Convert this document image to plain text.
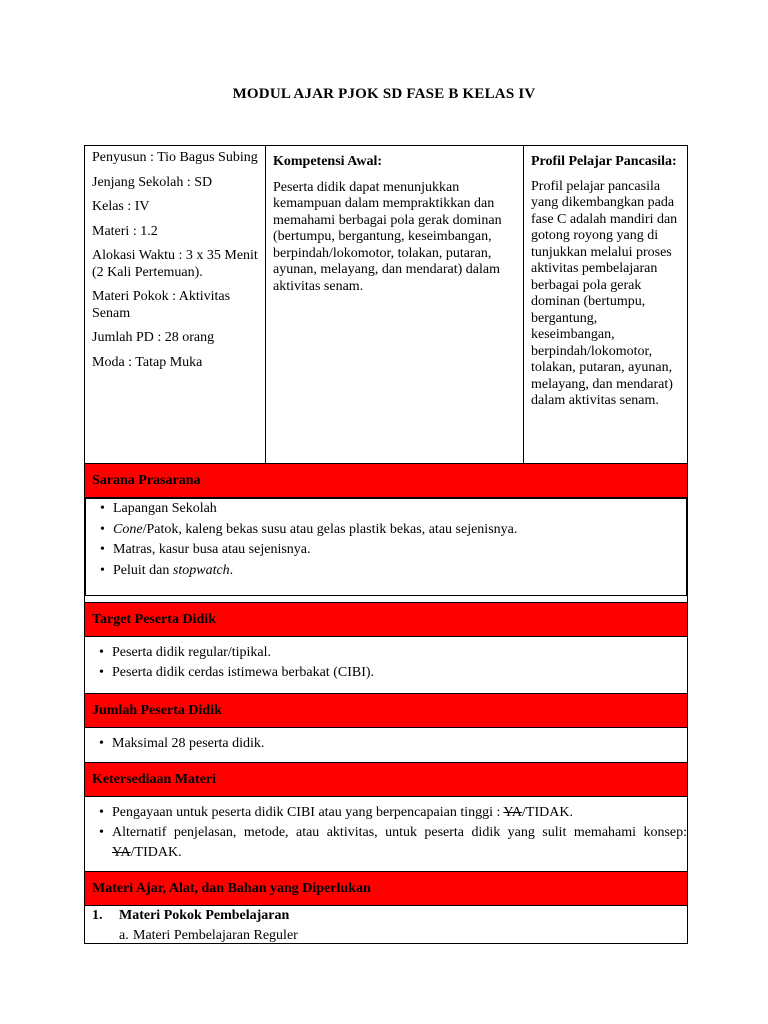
MODUL AJAR PJOK SD FASE B KELAS IV

Penyusun : Tio Bagus Subing

Jenjang Sekolah : SD

Kelas : IV

Materi : 1.2

Alokasi Waktu : 3 x 35 Menit (2 Kali Pertemuan).

Materi Pokok : Aktivitas Senam

Jumlah PD : 28 orang

Moda : Tatap Muka

Kompetensi Awal:
Peserta didik dapat menunjukkan kemampuan dalam mempraktikkan dan memahami berbagai pola gerak dominan (bertumpu, bergantung, keseimbangan, berpindah/lokomotor, tolakan, putaran, ayunan, melayang, dan mendarat) dalam aktivitas senam.
Profil Pelajar Pancasila:
Profil pelajar pancasila yang dikembangkan pada fase C adalah mandiri dan gotong royong yang di tunjukkan melalui proses aktivitas pembelajaran berbagai pola gerak dominan (bertumpu, bergantung, keseimbangan, berpindah/lokomotor, tolakan, putaran, ayunan, melayang, dan mendarat) dalam aktivitas senam.
Sarana Prasarana
• Lapangan Sekolah
• Cone/Patok, kaleng bekas susu atau gelas plastik bekas, atau sejenisnya.
• Matras, kasur busa atau sejenisnya.
• Peluit dan stopwatch.
Target Peserta Didik
• Peserta didik regular/tipikal.
• Peserta didik cerdas istimewa berbakat (CIBI).
Jumlah Peserta Didik
• Maksimal 28 peserta didik.
Ketersediaan Materi
• Pengayaan untuk peserta didik CIBI atau yang berpencapaian tinggi : YA/TIDAK.
• Alternatif penjelasan, metode, atau aktivitas, untuk peserta didik yang sulit memahami konsep: YA/TIDAK.
Materi Ajar, Alat, dan Bahan yang Diperlukan
1.	Materi Pokok Pembelajaran
a. Materi Pembelajaran Reguler
